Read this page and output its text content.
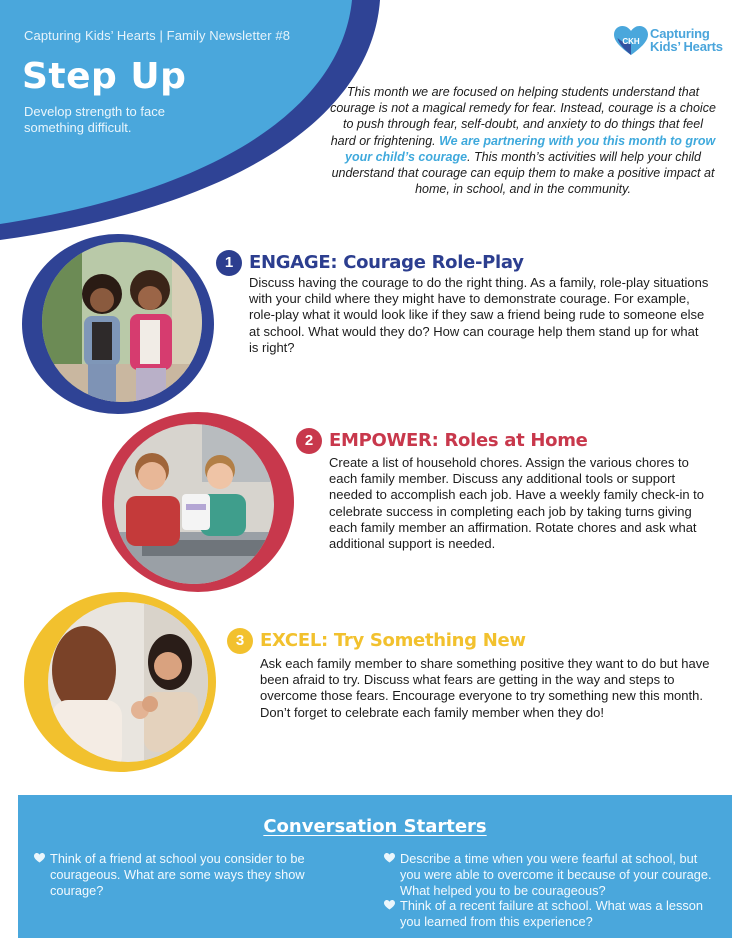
Capturing Kids’ Hearts | Family Newsletter #8
Step Up
Develop strength to face something difficult.
CKH
Capturing
Kids’ Hearts

This month we are focused on helping students understand that courage is not a magical remedy for fear. Instead, courage is a choice to push through fear, self-doubt, and anxiety to do things that feel hard or frightening. We are partnering with you this month to grow your child’s courage. This month’s activities will help your child understand that courage can equip them to make a positive impact at home, in school, and in the community.

1 ENGAGE: Courage Role-Play
Discuss having the courage to do the right thing. As a family, role-play situations with your child where they might have to demonstrate courage. For example, role-play what it would look like if they saw a friend being rude to someone else at school. What would they do? How can courage help them stand up for what is right?
2 EMPOWER: Roles at Home
Create a list of household chores. Assign the various chores to each family member. Discuss any additional tools or support needed to accomplish each job. Have a weekly family check-in to celebrate success in completing each job by taking turns giving each family member an affirmation. Rotate chores and ask what additional support is needed.
3 EXCEL: Try Something New
Ask each family member to share something positive they want to do but have been afraid to try. Discuss what fears are getting in the way and steps to overcome those fears. Encourage everyone to try something new this month. Don’t forget to celebrate each family member when they do!
Conversation Starters
Think of a friend at school you consider to be courageous. What are some ways they show courage?
Describe a time when you were fearful at school, but you were able to overcome it because of your courage. What helped you to be courageous?
Think of a recent failure at school. What was a lesson you learned from this experience?
